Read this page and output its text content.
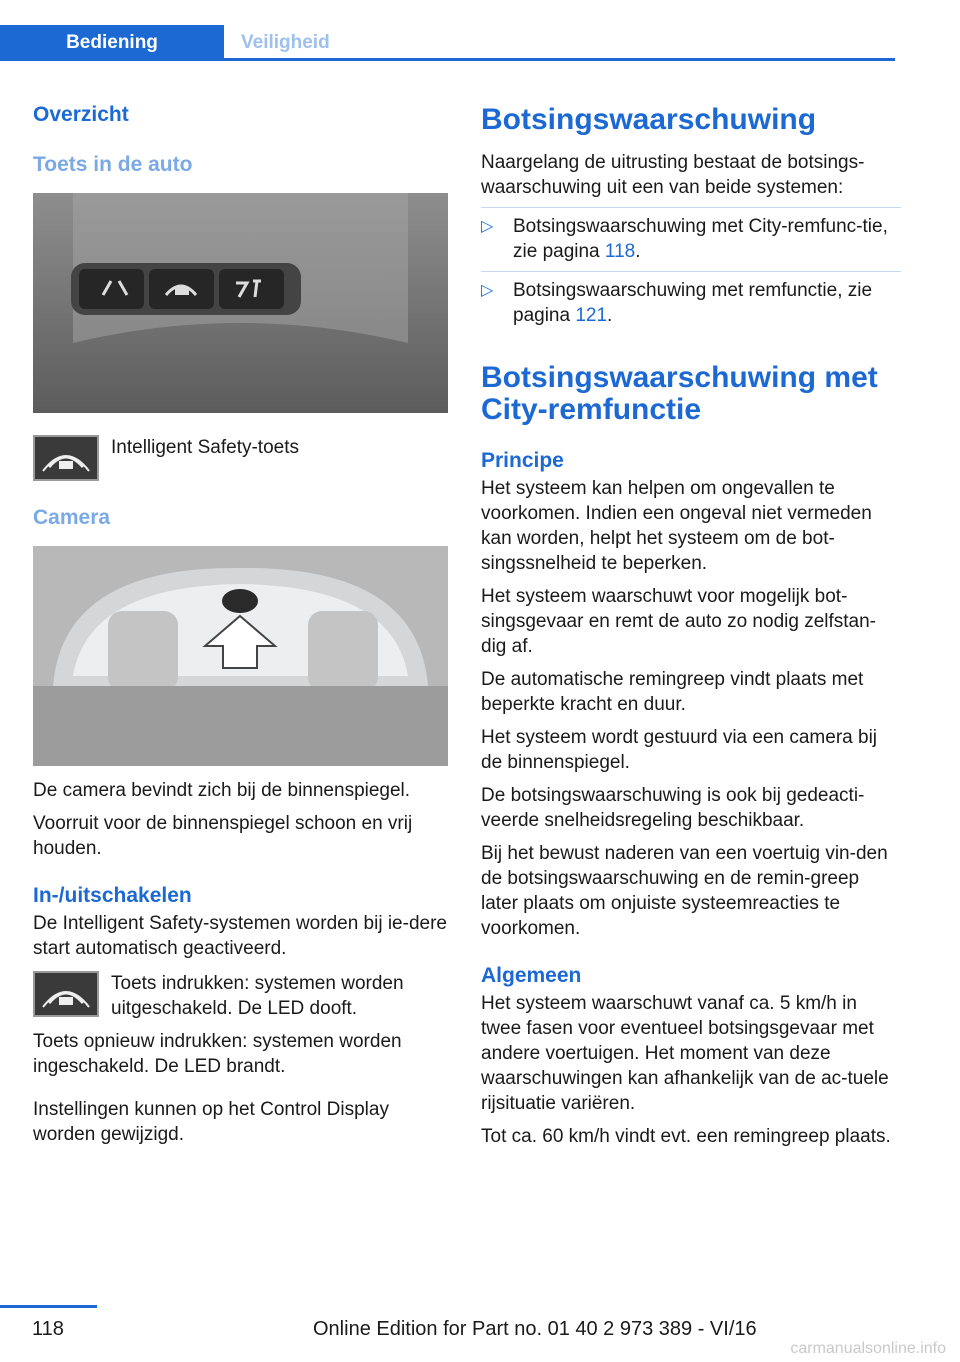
Bediening	Veiligheid
Overzicht
Toets in de auto

Intelligent Safety-toets

Camera

De camera bevindt zich bij de binnenspiegel.

Voorruit voor de binnenspiegel schoon en vrij houden.

In-/uitschakelen

De Intelligent Safety-systemen worden bij ie‐dere start automatisch geactiveerd.

Toets indrukken: systemen worden uitgeschakeld. De LED dooft.

Toets opnieuw indrukken: systemen worden ingeschakeld. De LED brandt.

Instellingen kunnen op het Control Display worden gewijzigd.

Botsingswaarschuwing

Naargelang de uitrusting bestaat de botsings‐waarschuwing uit een van beide systemen:

▷	Botsingswaarschuwing met City-remfunc‐tie, zie pagina 118.

▷	Botsingswaarschuwing met remfunctie, zie pagina 121.

Botsingswaarschuwing met City-remfunctie
Principe

Het systeem kan helpen om ongevallen te voorkomen. Indien een ongeval niet vermeden kan worden, helpt het systeem om de bot‐singssnelheid te beperken.

Het systeem waarschuwt voor mogelijk bot‐singsgevaar en remt de auto zo nodig zelfstan‐dig af.

De automatische remingreep vindt plaats met beperkte kracht en duur.

Het systeem wordt gestuurd via een camera bij de binnenspiegel.

De botsingswaarschuwing is ook bij gedeacti‐veerde snelheidsregeling beschikbaar.

Bij het bewust naderen van een voertuig vin‐den de botsingswaarschuwing en de remin‐greep later plaats om onjuiste systeemreacties te voorkomen.

Algemeen

Het systeem waarschuwt vanaf ca. 5 km/h in twee fasen voor eventueel botsingsgevaar met andere voertuigen. Het moment van deze waarschuwingen kan afhankelijk van de ac‐tuele rijsituatie variëren.

Tot ca. 60 km/h vindt evt. een remingreep plaats.

118	Online Edition for Part no. 01 40 2 973 389 - VI/16
carmanualsonline.info
